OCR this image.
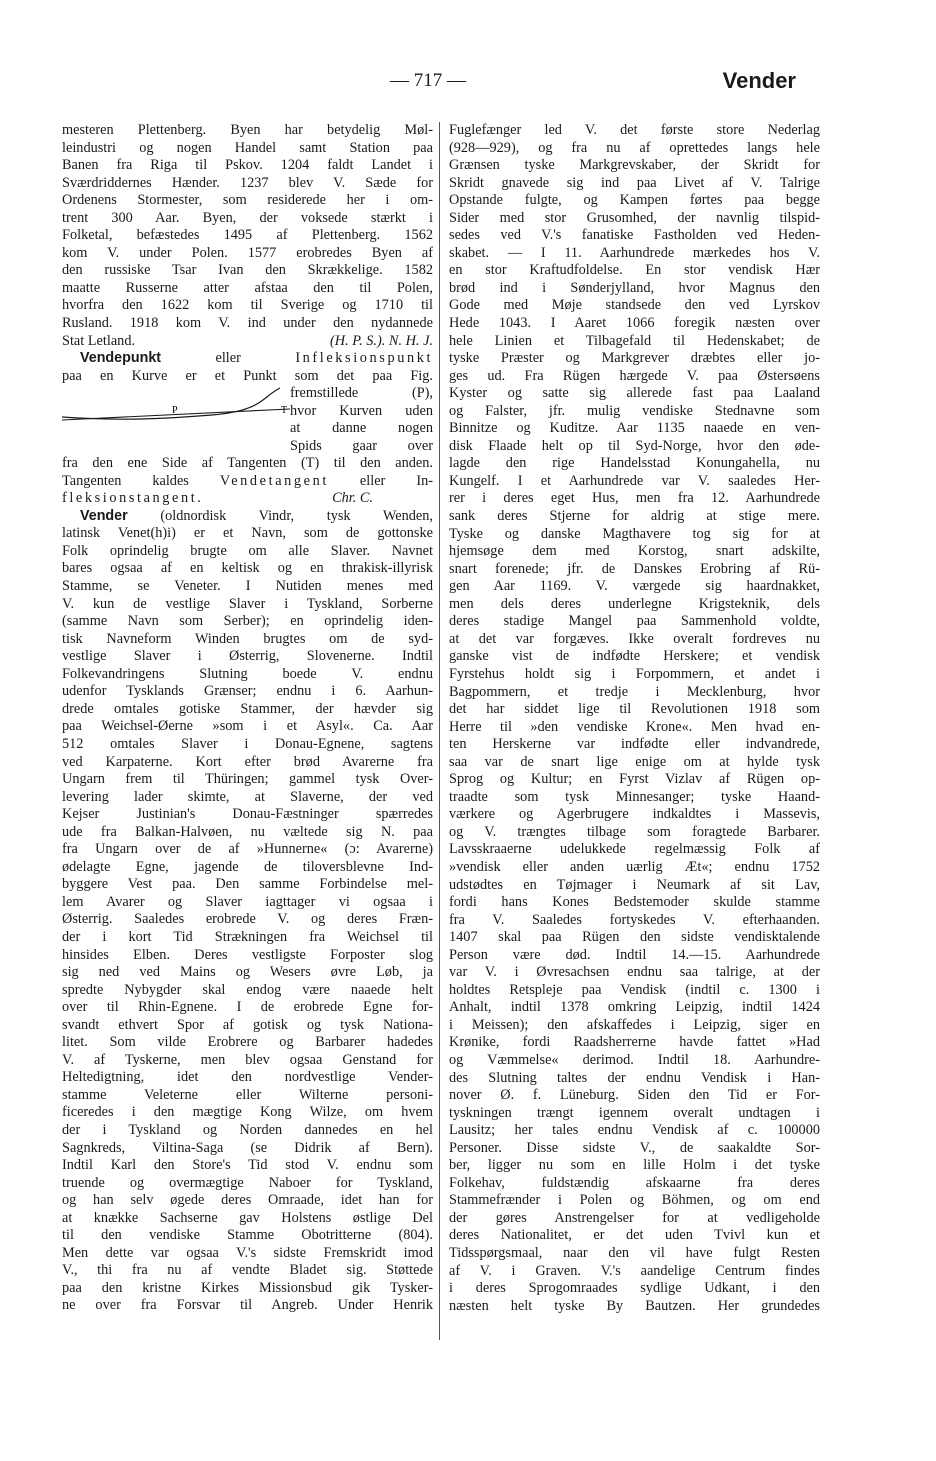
— 717 —	Vender

mesteren Plettenberg. Byen har betydelig Møl-
leindustri og nogen Handel samt Station paa
Banen fra Riga til Pskov. 1204 faldt Landet i
Sværdriddernes Hænder. 1237 blev V. Sæde for
Ordenens Stormester, som residerede her i om-
trent 300 Aar. Byen, der voksede stærkt i
Folketal, befæstedes 1495 af Plettenberg. 1562
kom V. under Polen. 1577 erobredes Byen af
den russiske Tsar Ivan den Skrækkelige. 1582
maatte Russerne atter afstaa den til Polen,
hvorfra den 1622 kom til Sverige og 1710 til
Rusland. 1918 kom V. ind under den nydannede
Stat Letland.	(H. P. S.). N. H. J.

Vendepunkt	eller	Infleksionspunkt
paa en Kurve er et Punkt som det paa Fig.
P	T
fremstillede (P),
hvor Kurven uden
at danne nogen
Spids gaar over
fra den ene Side af Tangenten (T) til den anden.
Tangenten kaldes Vendetangent eller In-
fleksionstangent.	Chr. C.

Vender (oldnordisk Vindr, tysk Wenden,
latinsk Venet(h)i) er et Navn, som de gottonske
Folk oprindelig brugte om alle Slaver. Navnet
bares ogsaa af en keltisk og en thrakisk-illyrisk
Stamme, se Veneter. I Nutiden menes med
V. kun de vestlige Slaver i Tyskland, Sorberne
(samme Navn som Serber); en oprindelig iden-
tisk Navneform Winden brugtes om de syd-
vestlige Slaver i Østerrig, Slovenerne. Indtil
Folkevandringens Slutning boede V. endnu
udenfor Tysklands Grænser; endnu i 6. Aarhun-
drede omtales gotiske Stammer, der hævder sig
paa Weichsel-Øerne »som i et Asyl«. Ca. Aar
512 omtales Slaver i Donau-Egnene, sagtens
ved Karpaterne. Kort efter brød Avarerne fra
Ungarn frem til Thüringen; gammel tysk Over-
levering lader skimte, at Slaverne, der ved
Kejser Justinian's Donau-Fæstninger spærredes
ude fra Balkan-Halvøen, nu væltede sig N. paa
fra Ungarn over de af »Hunnerne« (ɔ: Avarerne)
ødelagte Egne, jagende de tiloversblevne Ind-
byggere Vest paa. Den samme Forbindelse mel-
lem Avarer og Slaver iagttager vi ogsaa i
Østerrig. Saaledes erobrede V. og deres Fræn-
der i kort Tid Strækningen fra Weichsel til
hinsides Elben. Deres vestligste Forposter slog
sig ned ved Mains og Wesers øvre Løb, ja
spredte Nybygder skal endog være naaede helt
over til Rhin-Egnene. I de erobrede Egne for-
svandt ethvert Spor af gotisk og tysk Nationa-
litet. Som vilde Erobrere og Barbarer hadedes
V. af Tyskerne, men blev ogsaa Genstand for
Heltedigtning, idet den nordvestlige Vender-
stamme Veleterne eller Wilterne personi-
ficeredes i den mægtige Kong Wilze, om hvem
der i Tyskland og Norden dannedes en hel
Sagnkreds, Viltina-Saga (se Didrik af Bern).
Indtil Karl den Store's Tid stod V. endnu som
truende og overmægtige Naboer for Tyskland,
og han selv øgede deres Omraade, idet han for
at knække Sachserne gav Holstens østlige Del
til den vendiske Stamme Obotritterne (804).
Men dette var ogsaa V.'s sidste Fremskridt imod
V., thi fra nu af vendte Bladet sig. Støttede
paa den kristne Kirkes Missionsbud gik Tysker-
ne over fra Forsvar til Angreb. Under Henrik

Fuglefænger led V. det første store Nederlag
(928—929), og fra nu af oprettedes langs hele
Grænsen tyske Markgrevskaber, der Skridt for
Skridt gnavede sig ind paa Livet af V. Talrige
Opstande fulgte, og Kampen førtes paa begge
Sider med stor Grusomhed, der navnlig tilspid-
sedes ved V.'s fanatiske Fastholden ved Heden-
skabet. — I 11. Aarhundrede mærkedes hos V.
en stor Kraftudfoldelse. En stor vendisk Hær
brød ind i Sønderjylland, hvor Magnus den
Gode med Møje standsede den ved Lyrskov
Hede 1043. I Aaret 1066 foregik næsten over
hele Linien et Tilbagefald til Hedenskabet; de
tyske Præster og Markgrever dræbtes eller jo-
ges ud. Fra Rügen hærgede V. paa Østersøens
Kyster og satte sig allerede fast paa Laaland
og Falster, jfr. mulig vendiske Stednavne som
Binnitze og Kuditze. Aar 1135 naaede en ven-
disk Flaade helt op til Syd-Norge, hvor den øde-
lagde den rige Handelsstad Konungahella, nu
Kungelf. I et Aarhundrede var V. saaledes Her-
rer i deres eget Hus, men fra 12. Aarhundrede
sank deres Stjerne for aldrig at stige mere.
Tyske og danske Magthavere tog sig for at
hjemsøge dem med Korstog, snart adskilte,
snart forenede; jfr. de Danskes Erobring af Rü-
gen Aar 1169. V. værgede sig haardnakket,
men dels deres underlegne Krigsteknik, dels
deres stadige Mangel paa Sammenhold voldte,
at det var forgæves. Ikke overalt fordreves nu
ganske vist de indfødte Herskere; et vendisk
Fyrstehus holdt sig i Forpommern, et andet i
Bagpommern, et tredje i Mecklenburg, hvor
det har siddet lige til Revolutionen 1918 som
Herre til »den vendiske Krone«. Men hvad en-
ten Herskerne var indfødte eller indvandrede,
saa var de snart lige enige om at hylde tysk
Sprog og Kultur; en Fyrst Vizlav af Rügen op-
traadte som tysk Minnesanger; tyske Haand-
værkere og Agerbrugere indkaldtes i Massevis,
og V. trængtes tilbage som foragtede Barbarer.
Lavsskraaerne udelukkede regelmæssig Folk af
»vendisk eller anden uærlig Æt«; endnu 1752
udstødtes en Tøjmager i Neumark af sit Lav,
fordi hans Kones Bedstemoder skulde stamme
fra V. Saaledes fortyskedes V. efterhaanden.
1407 skal paa Rügen den sidste vendisktalende
Person være død. Indtil 14.—15. Aarhundrede
var V. i Øvresachsen endnu saa talrige, at der
holdtes Retspleje paa Vendisk (indtil c. 1300 i
Anhalt, indtil 1378 omkring Leipzig, indtil 1424
i Meissen); den afskaffedes i Leipzig, siger en
Krønike, fordi Raadsherrerne havde fattet »Had
og Væmmelse« derimod. Indtil 18. Aarhundre-
des Slutning taltes der endnu Vendisk i Han-
nover Ø. f. Lüneburg. Siden den Tid er For-
tyskningen trængt igennem overalt undtagen i
Lausitz; her tales endnu Vendisk af c. 100000
Personer. Disse sidste V., de saakaldte Sor-
ber, ligger nu som en lille Holm i det tyske
Folkehav, fuldstændig afskaarne fra deres
Stammefrænder i Polen og Böhmen, og om end
der gøres Anstrengelser for at vedligeholde
deres Nationalitet, er det uden Tvivl kun et
Tidsspørgsmaal, naar den vil have fulgt Resten
af V. i Graven. V.'s aandelige Centrum findes
i deres Sprogomraades sydlige Udkant, i den
næsten helt tyske By Bautzen. Her grundedes
